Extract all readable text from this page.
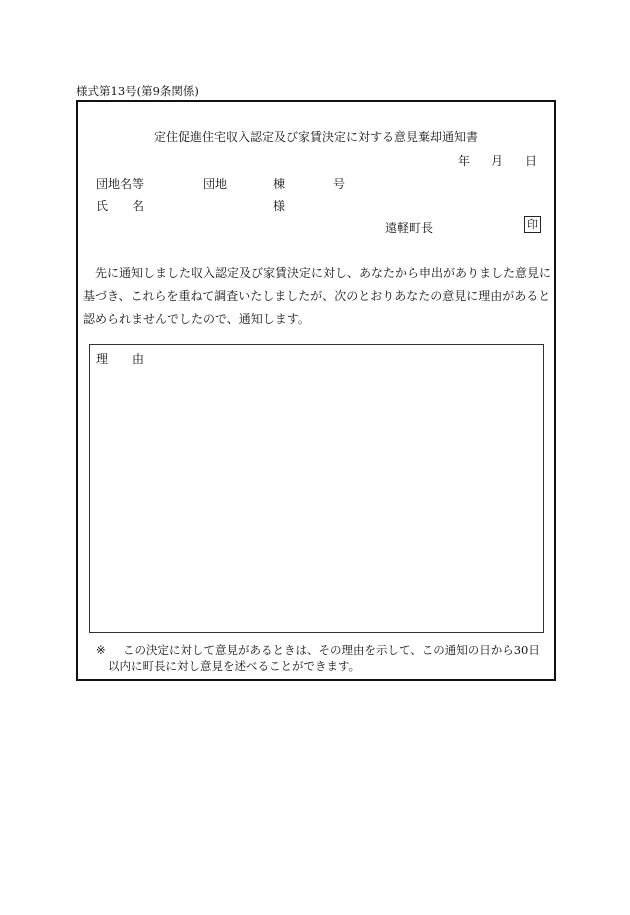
様式第13号(第9条関係)
定住促進住宅収入認定及び家賃決定に対する意見棄却通知書
年 月 日
団地名等	団地	棟	号
氏 名	様
遠軽町長	印

先に通知しました収入認定及び家賃決定に対し、あなたから申出がありました意見に

基づき、これらを重ねて調査いたしましたが、次のとおりあなたの意見に理由があると

認められませんでしたので、通知します。

理 由

※ この決定に対して意見があるときは、その理由を示して、この通知の日から30日

以内に町長に対し意見を述べることができます。
